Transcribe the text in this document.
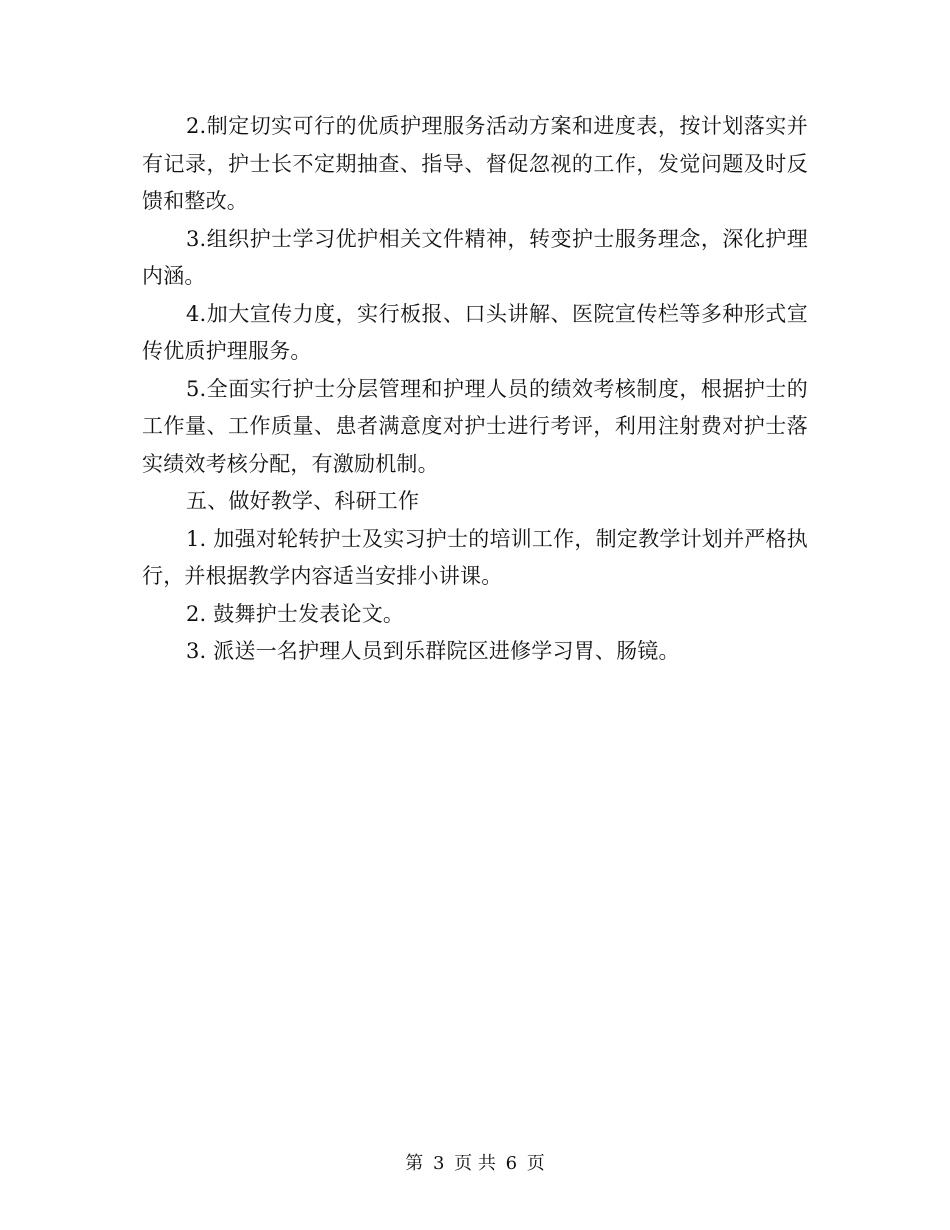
2.制定切实可行的优质护理服务活动方案和进度表，按计划落实并有记录，护士长不定期抽查、指导、督促忽视的工作，发觉问题及时反馈和整改。

3.组织护士学习优护相关文件精神，转变护士服务理念，深化护理内涵。

4.加大宣传力度，实行板报、口头讲解、医院宣传栏等多种形式宣传优质护理服务。

5.全面实行护士分层管理和护理人员的绩效考核制度，根据护士的工作量、工作质量、患者满意度对护士进行考评，利用注射费对护士落实绩效考核分配，有激励机制。

五、做好教学、科研工作

1. 加强对轮转护士及实习护士的培训工作，制定教学计划并严格执行，并根据教学内容适当安排小讲课。

2. 鼓舞护士发表论文。

3. 派送一名护理人员到乐群院区进修学习胃、肠镜。

第 3 页 共 6 页
